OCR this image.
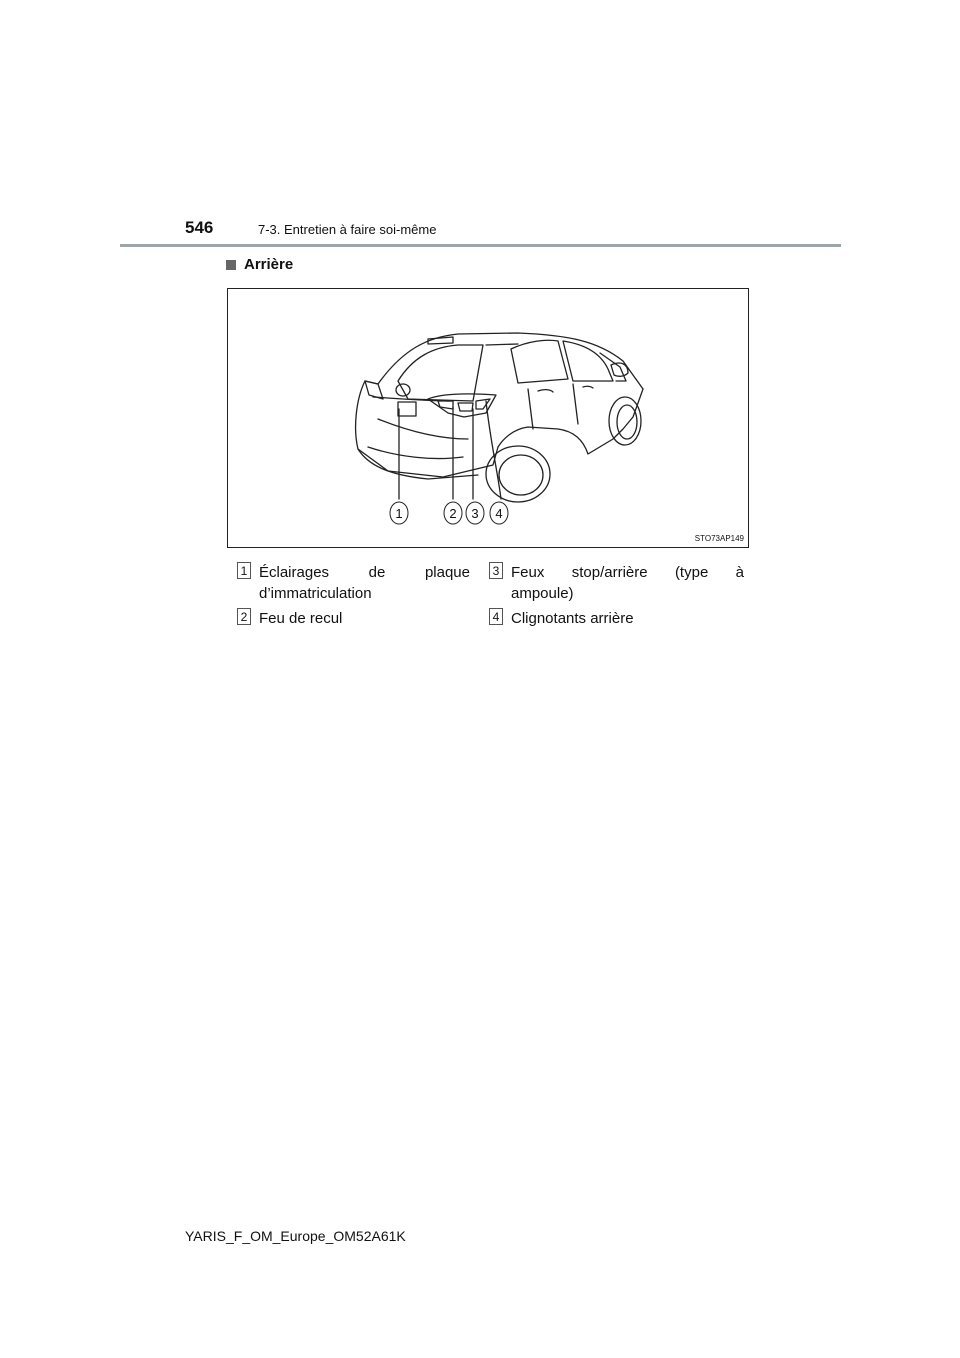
546	7-3. Entretien à faire soi-même
Arrière
1	2 3 4
STO73AP149
1 Éclairages de plaque
d’immatriculation
2 Feu de recul
3 Feux stop/arrière (type à
ampoule)
4 Clignotants arrière
YARIS_F_OM_Europe_OM52A61K
